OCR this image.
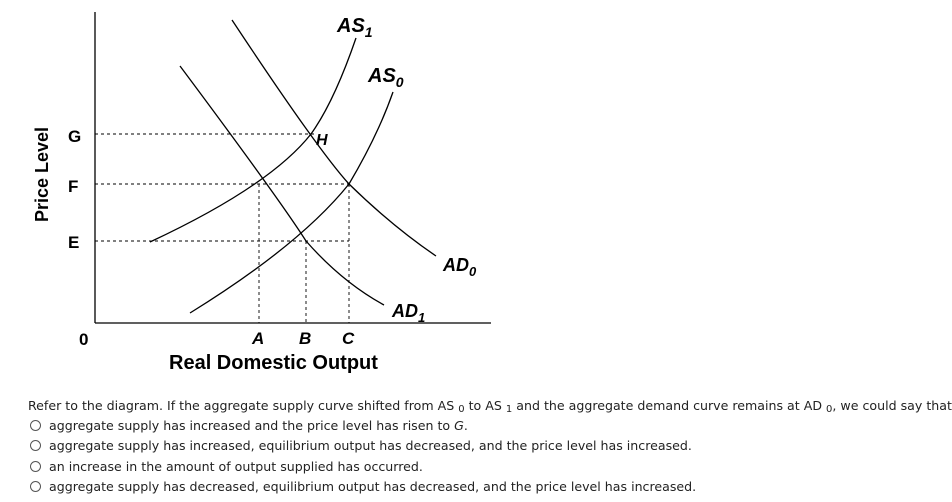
$AS_1$
$AS_0$
$AD_0$
$AD_1$
H
G
F
E
A B C
0
Price Level
Real Domestic Output
Refer to the diagram. If the aggregate supply curve shifted from AS $_0$ to AS $_1$ and the aggregate demand curve remains at AD $_0$, we could say that
aggregate supply has increased and the price level has risen to G.
aggregate supply has increased, equilibrium output has decreased, and the price level has increased.
an increase in the amount of output supplied has occurred.
aggregate supply has decreased, equilibrium output has decreased, and the price level has increased.
